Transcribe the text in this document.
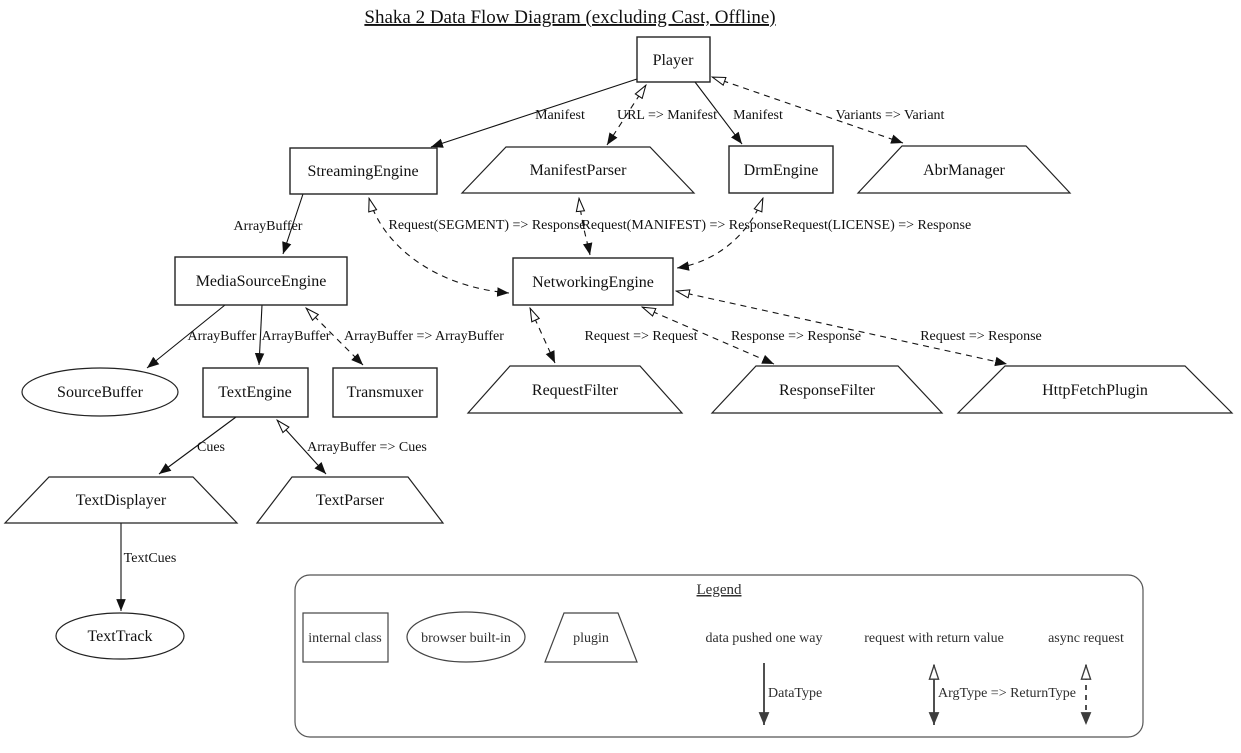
Shaka 2 Data Flow Diagram (excluding Cast, Offline)
Manifest URL => Manifest Manifest	Variants => Variant
ArrayBuffer	Request(SEGMENT) => Response
Request(MANIFEST) => Response Request(LICENSE) => Response
ArrayBuffer ArrayBuffer ArrayBuffer => ArrayBuffer	Request => Request Response => Response	Request => Response
Cues	ArrayBuffer => Cues
TextCues
Player
StreamingEngine	ManifestParser	DrmEngine	AbrManager
MediaSourceEngine	NetworkingEngine
SourceBuffer	TextEngine	Transmuxer	RequestFilter	ResponseFilter	HttpFetchPlugin
TextDisplayer	TextParser
TextTrack
Legend
internal class	browser built-in	plugin	data pushed one way
DataType
request with return value
ArgType => ReturnType
async request
